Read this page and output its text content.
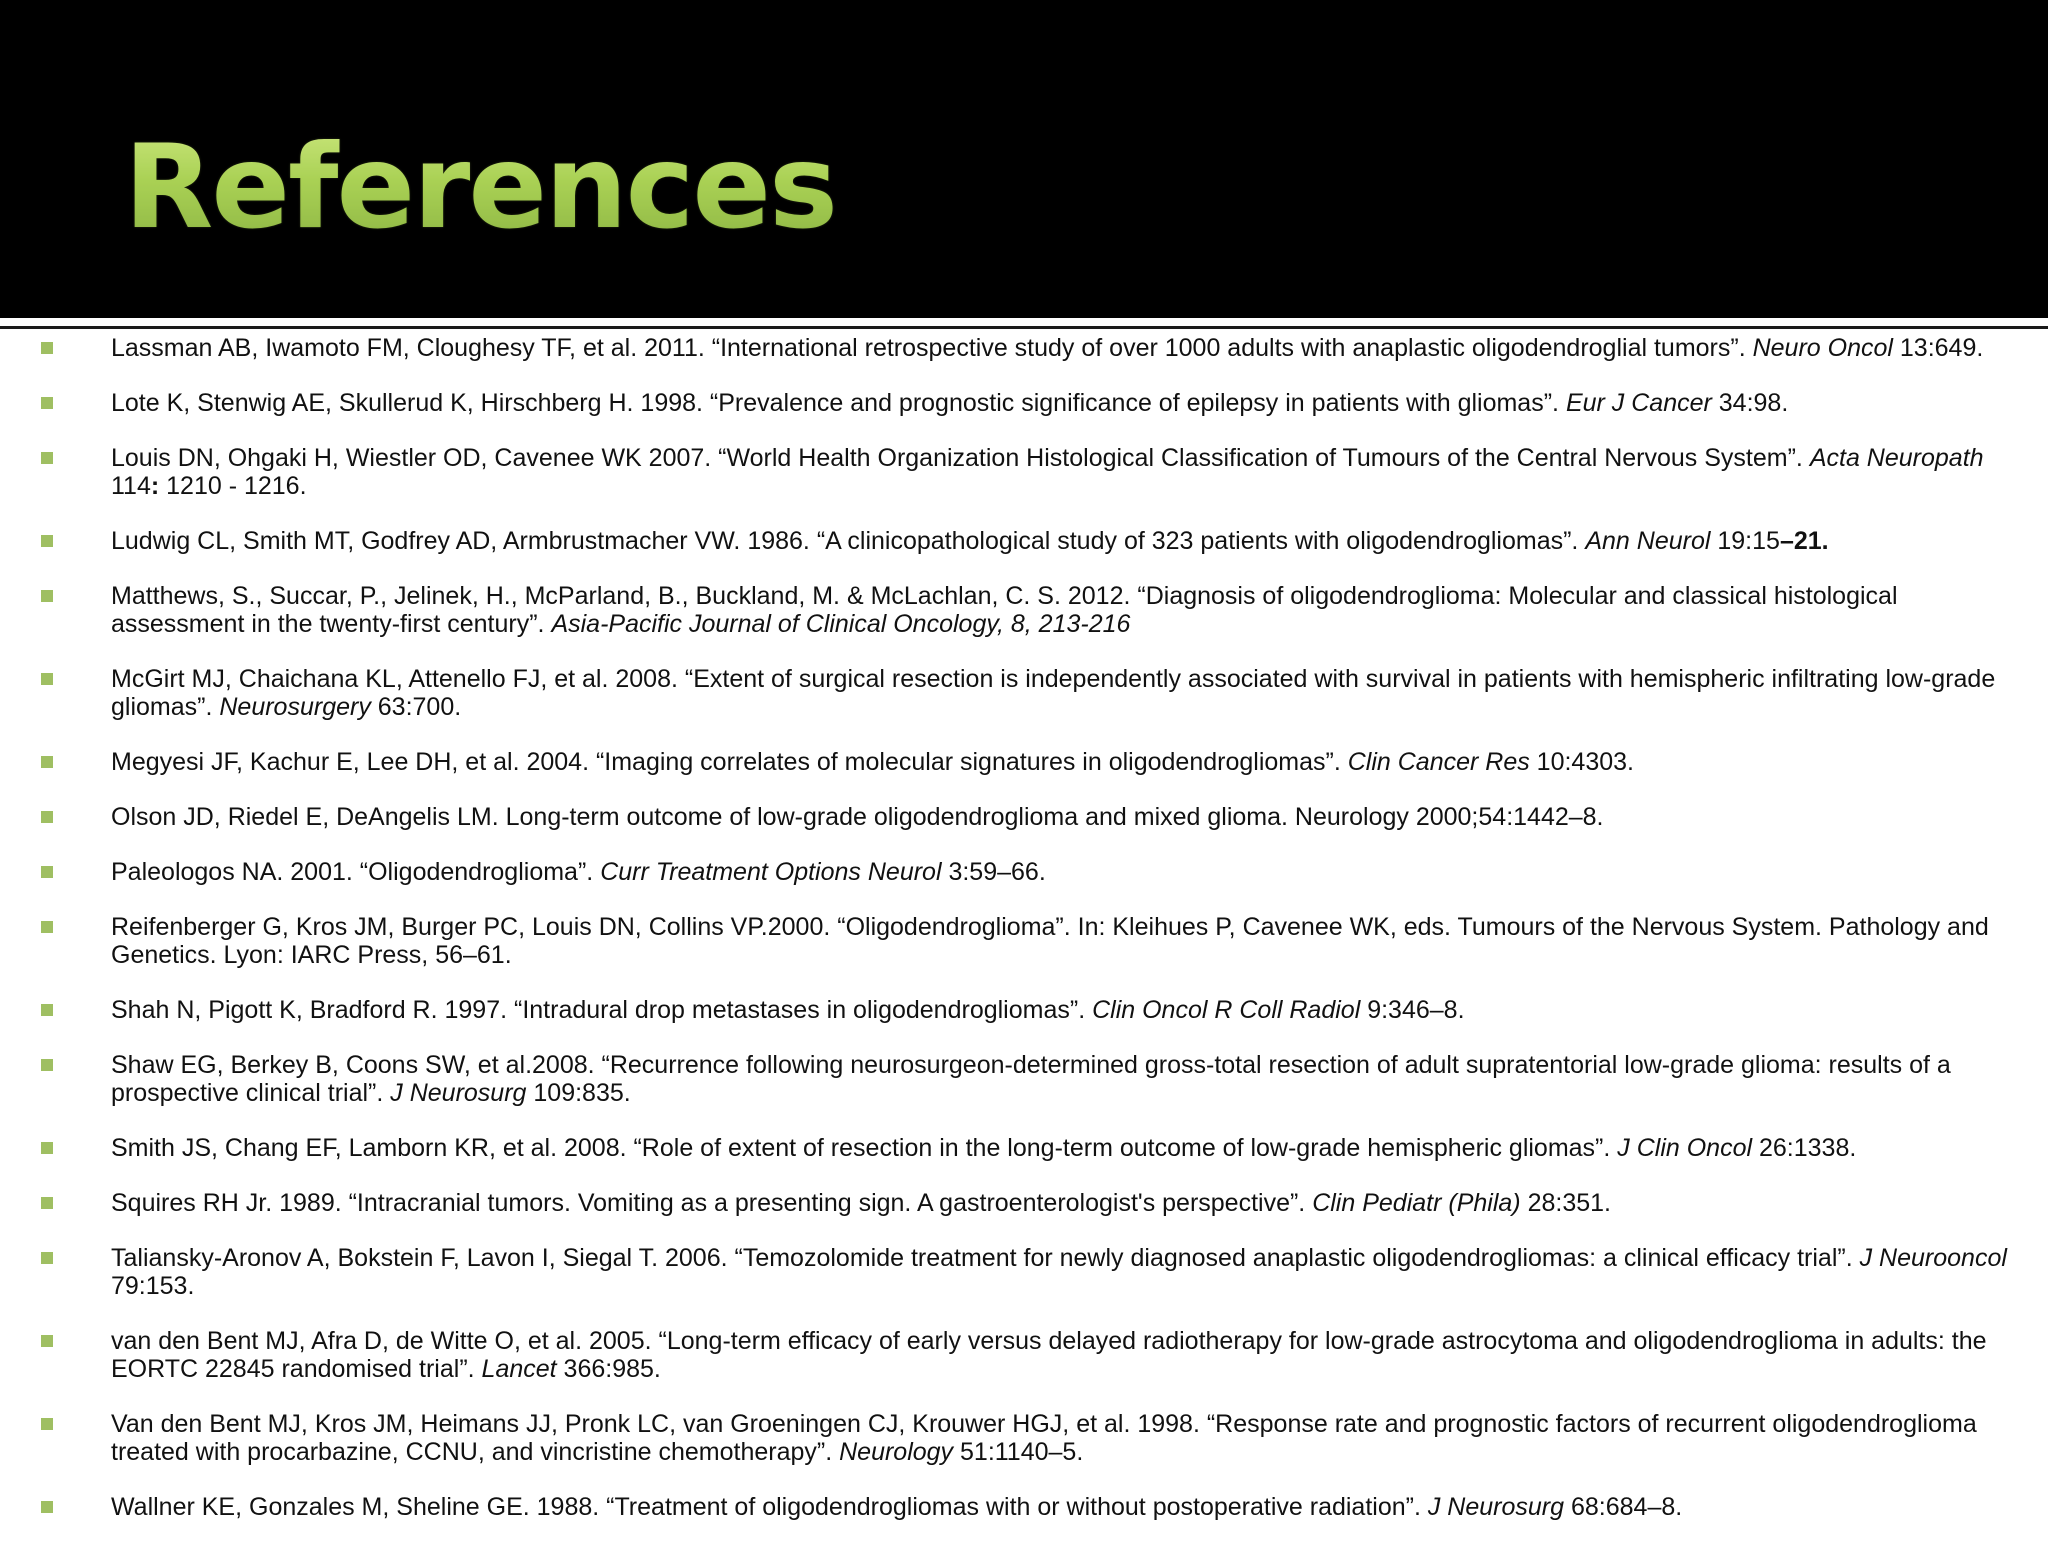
References
Lassman AB, Iwamoto FM, Cloughesy TF, et al. 2011. “International retrospective study of over 1000 adults with anaplastic oligodendroglial tumors”. Neuro Oncol 13:649.
Lote K, Stenwig AE, Skullerud K, Hirschberg H. 1998. “Prevalence and prognostic significance of epilepsy in patients with gliomas”. Eur J Cancer 34:98.
Louis DN, Ohgaki H, Wiestler OD, Cavenee WK 2007. “World Health Organization Histological Classification of Tumours of the Central Nervous System”. Acta Neuropath 114: 1210 - 1216.
Ludwig CL, Smith MT, Godfrey AD, Armbrustmacher VW. 1986. “A clinicopathological study of 323 patients with oligodendrogliomas”. Ann Neurol 19:15–21.
Matthews, S., Succar, P., Jelinek, H., McParland, B., Buckland, M. & McLachlan, C. S. 2012. “Diagnosis of oligodendroglioma: Molecular and classical histological assessment in the twenty-first century”. Asia-Pacific Journal of Clinical Oncology, 8, 213-216
McGirt MJ, Chaichana KL, Attenello FJ, et al. 2008. “Extent of surgical resection is independently associated with survival in patients with hemispheric infiltrating low-grade gliomas”. Neurosurgery 63:700.
Megyesi JF, Kachur E, Lee DH, et al. 2004. “Imaging correlates of molecular signatures in oligodendrogliomas”. Clin Cancer Res 10:4303.
Olson JD, Riedel E, DeAngelis LM. Long-term outcome of low-grade oligodendroglioma and mixed glioma. Neurology 2000;54:1442–8.
Paleologos NA. 2001. “Oligodendroglioma”. Curr Treatment Options Neurol 3:59–66.
Reifenberger G, Kros JM, Burger PC, Louis DN, Collins VP.2000. “Oligodendroglioma”. In: Kleihues P, Cavenee WK, eds. Tumours of the Nervous System. Pathology and Genetics. Lyon: IARC Press, 56–61.
Shah N, Pigott K, Bradford R. 1997. “Intradural drop metastases in oligodendrogliomas”. Clin Oncol R Coll Radiol 9:346–8.
Shaw EG, Berkey B, Coons SW, et al.2008. “Recurrence following neurosurgeon-determined gross-total resection of adult supratentorial low-grade glioma: results of a prospective clinical trial”. J Neurosurg 109:835.
Smith JS, Chang EF, Lamborn KR, et al. 2008. “Role of extent of resection in the long-term outcome of low-grade hemispheric gliomas”. J Clin Oncol 26:1338.
Squires RH Jr. 1989. “Intracranial tumors. Vomiting as a presenting sign. A gastroenterologist's perspective”. Clin Pediatr (Phila) 28:351.
Taliansky-Aronov A, Bokstein F, Lavon I, Siegal T. 2006. “Temozolomide treatment for newly diagnosed anaplastic oligodendrogliomas: a clinical efficacy trial”. J Neurooncol 79:153.
van den Bent MJ, Afra D, de Witte O, et al. 2005. “Long-term efficacy of early versus delayed radiotherapy for low-grade astrocytoma and oligodendroglioma in adults: the EORTC 22845 randomised trial”. Lancet 366:985.
Van den Bent MJ, Kros JM, Heimans JJ, Pronk LC, van Groeningen CJ, Krouwer HGJ, et al. 1998. “Response rate and prognostic factors of recurrent oligodendroglioma treated with procarbazine, CCNU, and vincristine chemotherapy”. Neurology 51:1140–5.
Wallner KE, Gonzales M, Sheline GE. 1988. “Treatment of oligodendrogliomas with or without postoperative radiation”. J Neurosurg 68:684–8.
